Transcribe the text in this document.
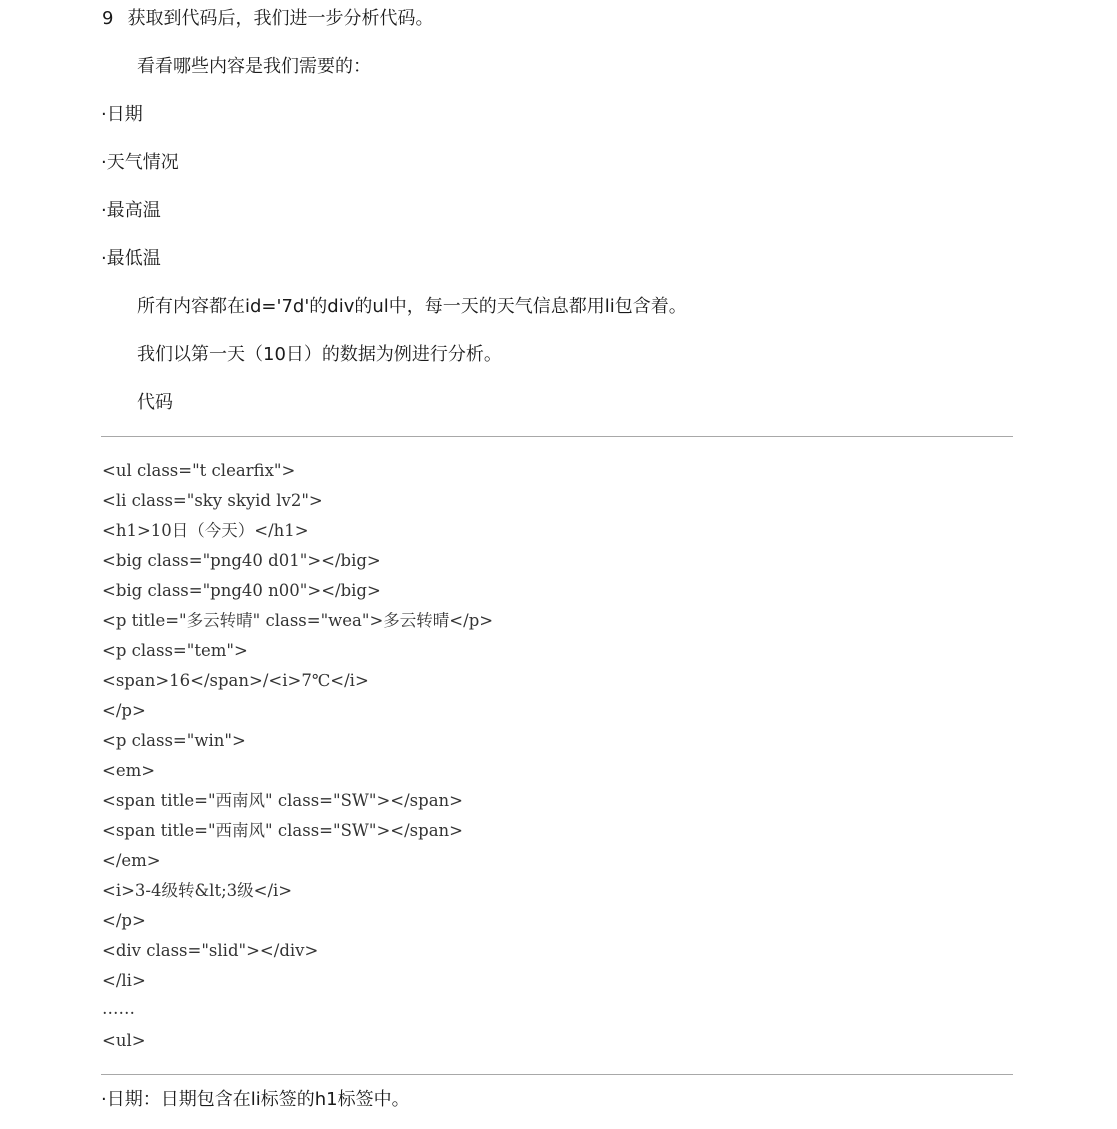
9 获取到代码后，我们进一步分析代码。
看看哪些内容是我们需要的：
·日期
·天气情况
·最高温
·最低温
所有内容都在id='7d'的div的ul中，每一天的天气信息都用li包含着。
我们以第一天（10日）的数据为例进行分析。
代码
<ul class="t clearfix">
<li class="sky skyid lv2">
<h1>10日（今天）</h1>
<big class="png40 d01"></big>
<big class="png40 n00"></big>
<p title="多云转晴" class="wea">多云转晴</p>
<p class="tem">
<span>16</span>/<i>7℃</i>
</p>
<p class="win">
<em>
<span title="西南风" class="SW"></span>
<span title="西南风" class="SW"></span>
</em>
<i>3-4级转&lt;3级</i>
</p>
<div class="slid"></div>
</li>
……
<ul>
·日期：日期包含在li标签的h1标签中。
